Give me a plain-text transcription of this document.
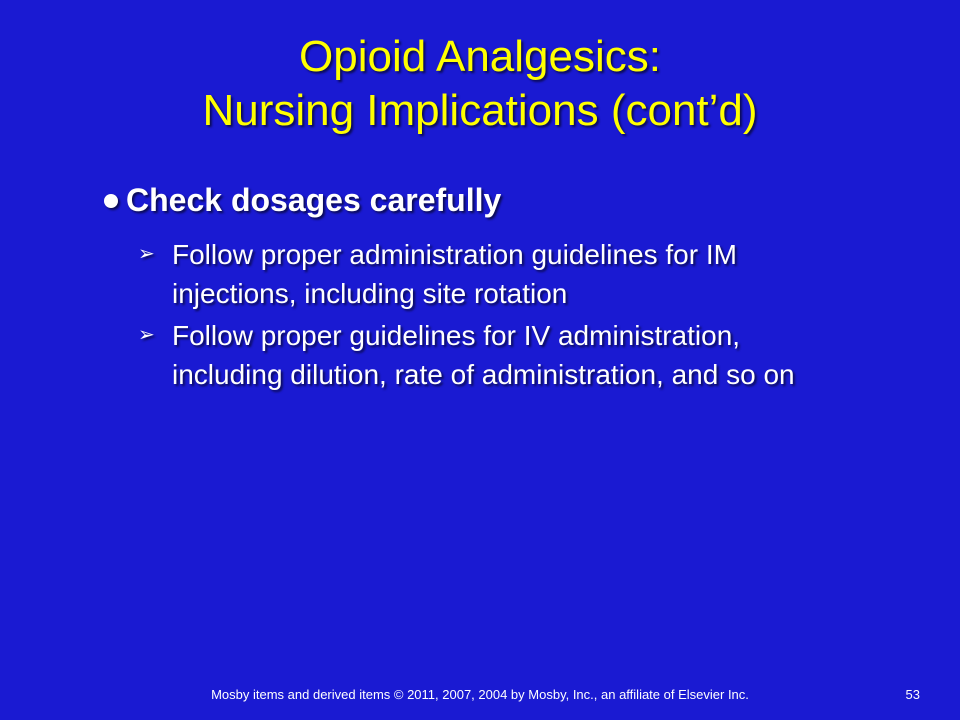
Opioid Analgesics:
Nursing Implications (cont’d)
Check dosages carefully
➢ Follow proper administration guidelines for IM injections, including site rotation
➢ Follow proper guidelines for IV administration, including dilution, rate of administration, and so on
Mosby items and derived items © 2011, 2007, 2004 by Mosby, Inc., an affiliate of Elsevier Inc.	53
